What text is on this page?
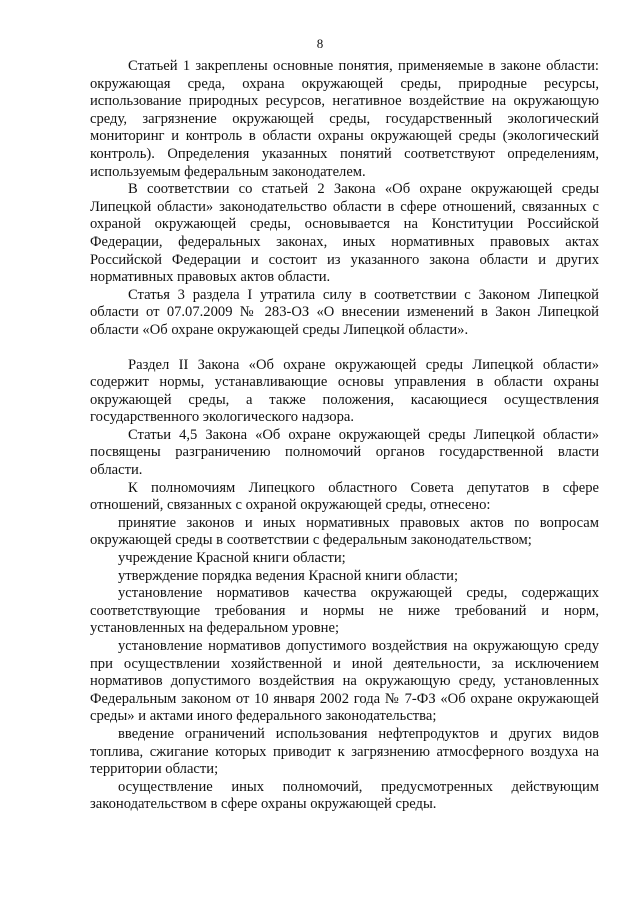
8

Статьей 1 закреплены основные понятия, применяемые в законе области: окружающая среда, охрана окружающей среды, природные ресурсы, использование природных ресурсов, негативное воздействие на окружающую среду, загрязнение окружающей среды, государственный экологический мониторинг и контроль в области охраны окружающей среды (экологический контроль). Определения указанных понятий соответствуют определениям, используемым федеральным законодателем.

В соответствии со статьей 2 Закона «Об охране окружающей среды Липецкой области» законодательство области в сфере отношений, связанных с охраной окружающей среды, основывается на Конституции Российской Федерации, федеральных законах, иных нормативных правовых актах Российской Федерации и состоит из указанного закона области и других нормативных правовых актов области.

Статья 3 раздела I утратила силу в соответствии с Законом Липецкой области от 07.07.2009 № 283-ОЗ «О внесении изменений в Закон Липецкой области «Об охране окружающей среды Липецкой области».

Раздел II Закона «Об охране окружающей среды Липецкой области» содержит нормы, устанавливающие основы управления в области охраны окружающей среды, а также положения, касающиеся осуществления государственного экологического надзора.

Статьи 4,5 Закона «Об охране окружающей среды Липецкой области» посвящены разграничению полномочий органов государственной власти области.

К полномочиям Липецкого областного Совета депутатов в сфере отношений, связанных с охраной окружающей среды, отнесено:

принятие законов и иных нормативных правовых актов по вопросам окружающей среды в соответствии с федеральным законодательством;

учреждение Красной книги области;

утверждение порядка ведения Красной книги области;

установление нормативов качества окружающей среды, содержащих соответствующие требования и нормы не ниже требований и норм, установленных на федеральном уровне;

установление нормативов допустимого воздействия на окружающую среду при осуществлении хозяйственной и иной деятельности, за исключением нормативов допустимого воздействия на окружающую среду, установленных Федеральным законом от 10 января 2002 года № 7-ФЗ «Об охране окружающей среды» и актами иного федерального законодательства;

введение ограничений использования нефтепродуктов и других видов топлива, сжигание которых приводит к загрязнению атмосферного воздуха на территории области;

осуществление иных полномочий, предусмотренных действующим законодательством в сфере охраны окружающей среды.
